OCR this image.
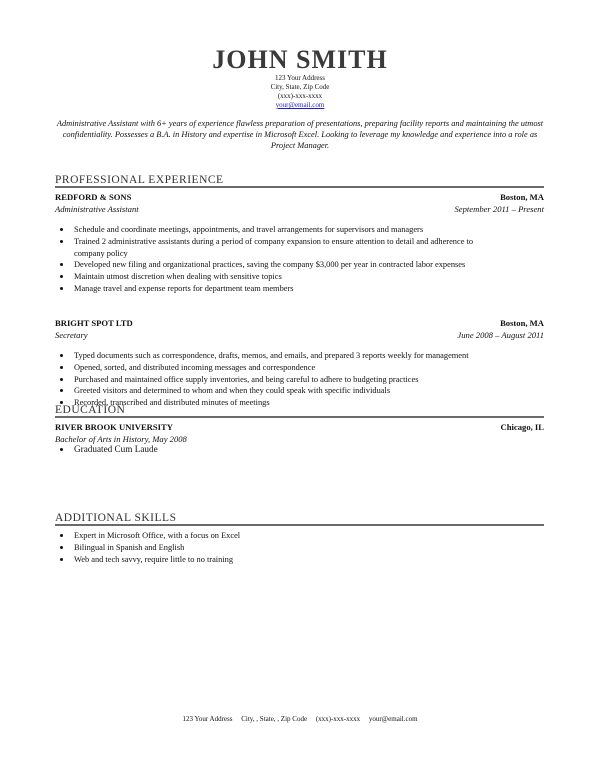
JOHN SMITH
123 Your Address
City, State, Zip Code
(xxx)-xxx-xxxx
your@email.com
Administrative Assistant with 6+ years of experience flawless preparation of presentations, preparing facility reports and maintaining the utmost confidentiality. Possesses a B.A. in History and expertise in Microsoft Excel. Looking to leverage my knowledge and experience into a role as Project Manager.
PROFESSIONAL EXPERIENCE
REDFORD & SONS	Boston, MA
Administrative Assistant	September 2011 – Present
Schedule and coordinate meetings, appointments, and travel arrangements for supervisors and managers
Trained 2 administrative assistants during a period of company expansion to ensure attention to detail and adherence to company policy
Developed new filing and organizational practices, saving the company $3,000 per year in contracted labor expenses
Maintain utmost discretion when dealing with sensitive topics
Manage travel and expense reports for department team members
BRIGHT SPOT LTD	Boston, MA
Secretary	June 2008 – August 2011
Typed documents such as correspondence, drafts, memos, and emails, and prepared 3 reports weekly for management
Opened, sorted, and distributed incoming messages and correspondence
Purchased and maintained office supply inventories, and being careful to adhere to budgeting practices
Greeted visitors and determined to whom and when they could speak with specific individuals
Recorded, transcribed and distributed minutes of meetings
EDUCATION
RIVER BROOK UNIVERSITY	Chicago, IL
Bachelor of Arts in History, May 2008
Graduated Cum Laude
ADDITIONAL SKILLS
Expert in Microsoft Office, with a focus on Excel
Bilingual in Spanish and English
Web and tech savvy, require little to no training
123 Your Address City, , State, , Zip Code (xxx)-xxx-xxxx your@email.com
